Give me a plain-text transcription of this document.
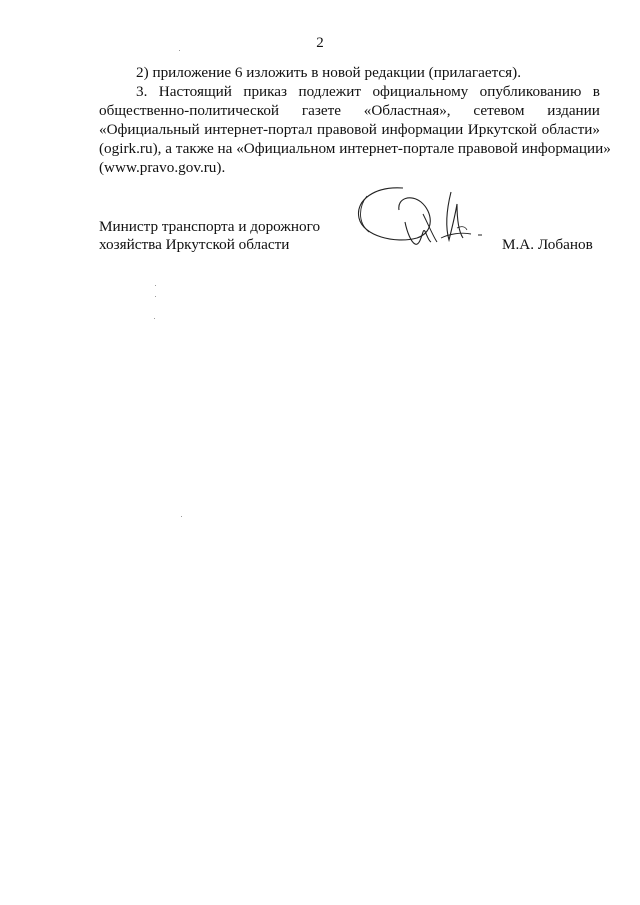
2
2) приложение 6 изложить в новой редакции (прилагается).
3. Настоящий приказ подлежит официальному опубликованию в
общественно-политической газете «Областная», сетевом издании
«Официальный интернет-портал правовой информации Иркутской области»
(ogirk.ru), а также на «Официальном интернет-портале правовой информации»
(www.pravo.gov.ru).
Министр транспорта и дорожного
хозяйства Иркутской области	М.А. Лобанов
